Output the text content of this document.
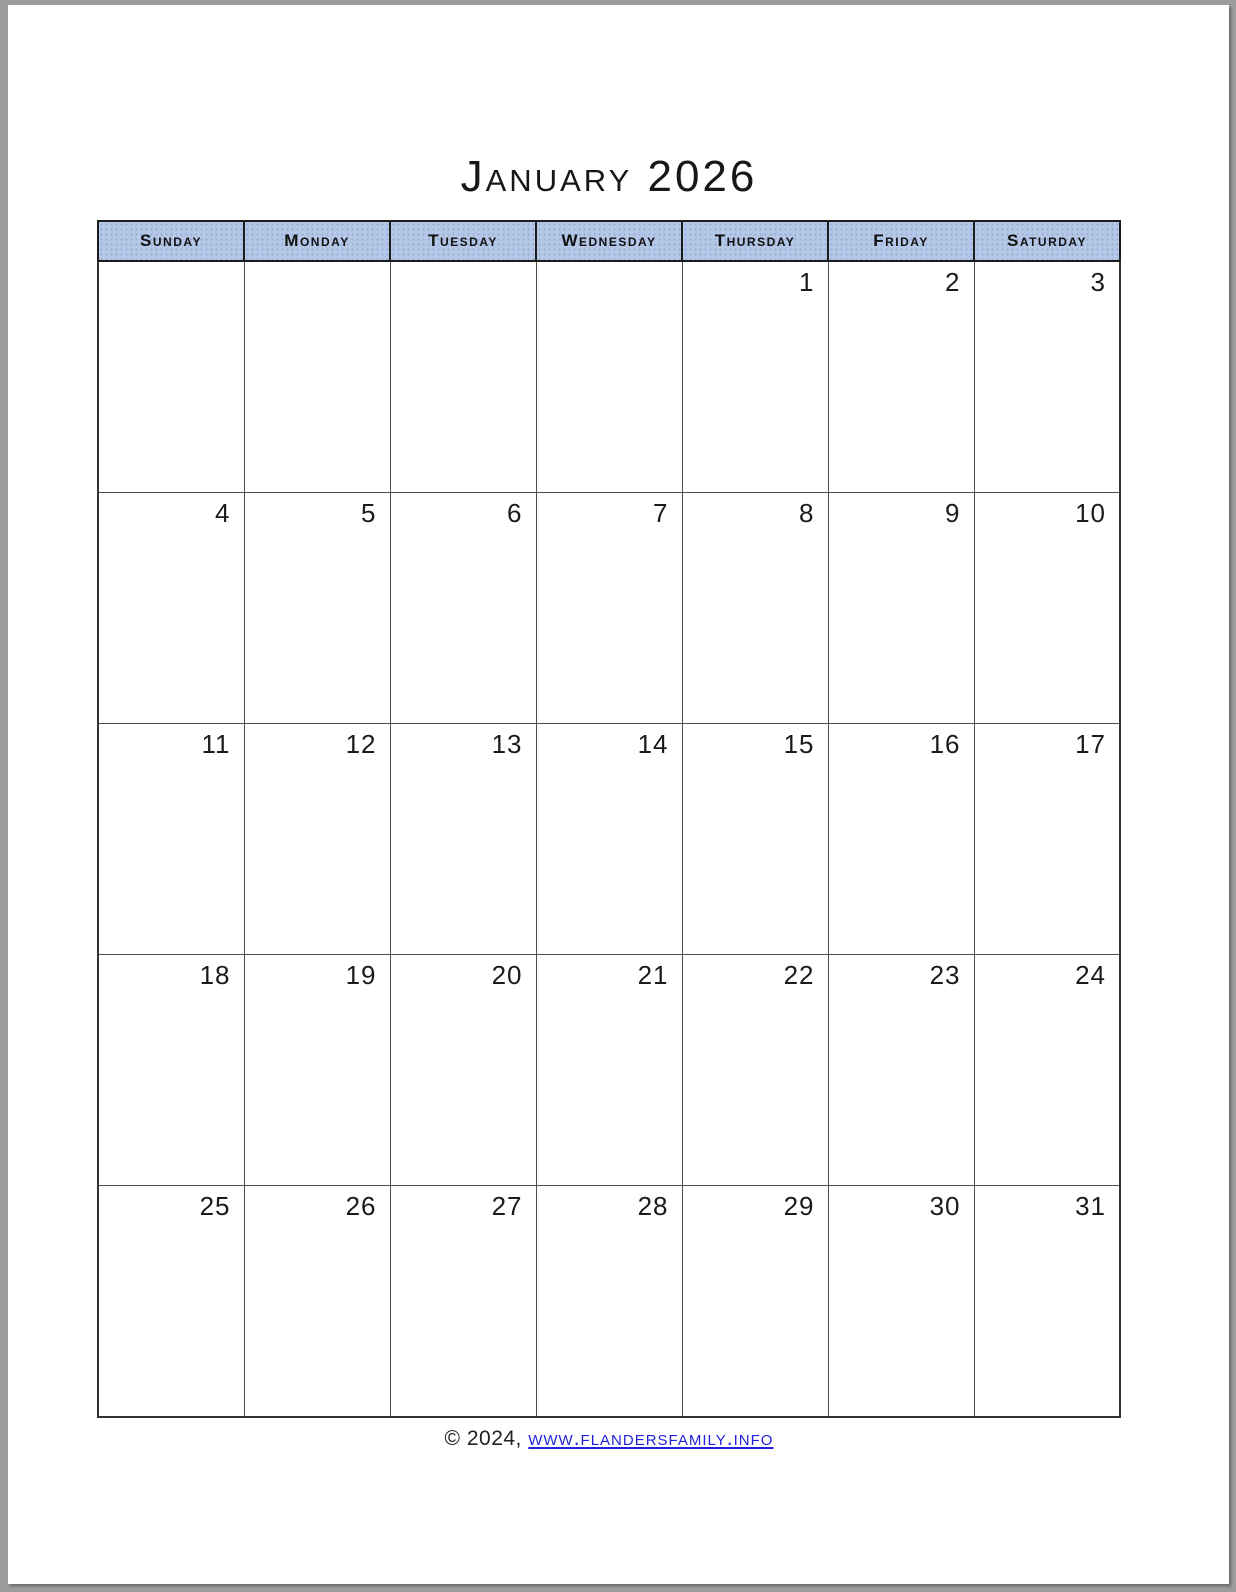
January 2026
Sunday	Monday	Tuesday	Wednesday	Thursday	Friday	Saturday

				1	2	3

4	5	6	7	8	9	10

11	12	13	14	15	16	17

18	19	20	21	22	23	24

25	26	27	28	29	30	31
© 2024, www.flandersfamily.info
